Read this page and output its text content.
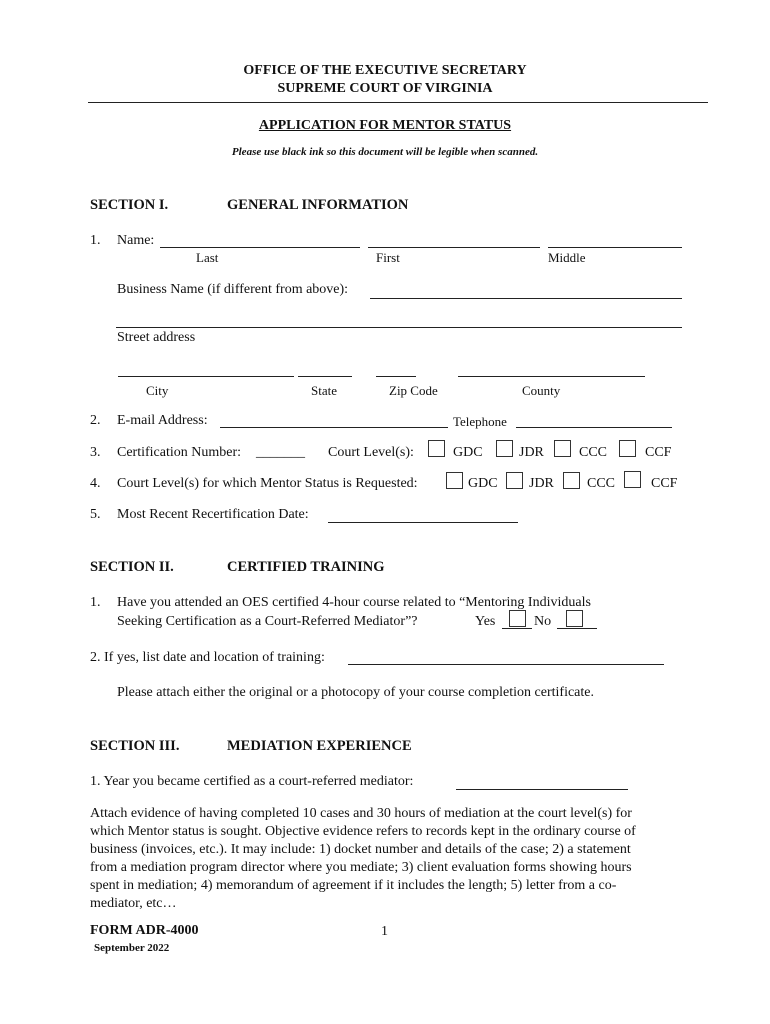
OFFICE OF THE EXECUTIVE SECRETARY
SUPREME COURT OF VIRGINIA
APPLICATION FOR MENTOR STATUS
Please use black ink so this document will be legible when scanned.
SECTION I.	GENERAL INFORMATION
1. Name:
Last	First	Middle
Business Name (if different from above):
Street address
City	State	Zip Code	County
2. E-mail Address:	Telephone
3. Certification Number: _______ Court Level(s):	GDC	JDR	CCC	CCF
4. Court Level(s) for which Mentor Status is Requested:	GDC JDR CCC	CCF
5. Most Recent Recertification Date:
SECTION II.	CERTIFIED TRAINING
1. Have you attended an OES certified 4-hour course related to “Mentoring Individuals
Seeking Certification as a Court-Referred Mediator”?	Yes	No
2. If yes, list date and location of training:
Please attach either the original or a photocopy of your course completion certificate.
SECTION III.	MEDIATION EXPERIENCE
1. Year you became certified as a court-referred mediator:
Attach evidence of having completed 10 cases and 30 hours of mediation at the court level(s) for
which Mentor status is sought. Objective evidence refers to records kept in the ordinary course of
business (invoices, etc.). It may include: 1) docket number and details of the case; 2) a statement
from a mediation program director where you mediate; 3) client evaluation forms showing hours
spent in mediation; 4) memorandum of agreement if it includes the length; 5) letter from a co-
mediator, etc…
FORM ADR-4000
September 2022
1
